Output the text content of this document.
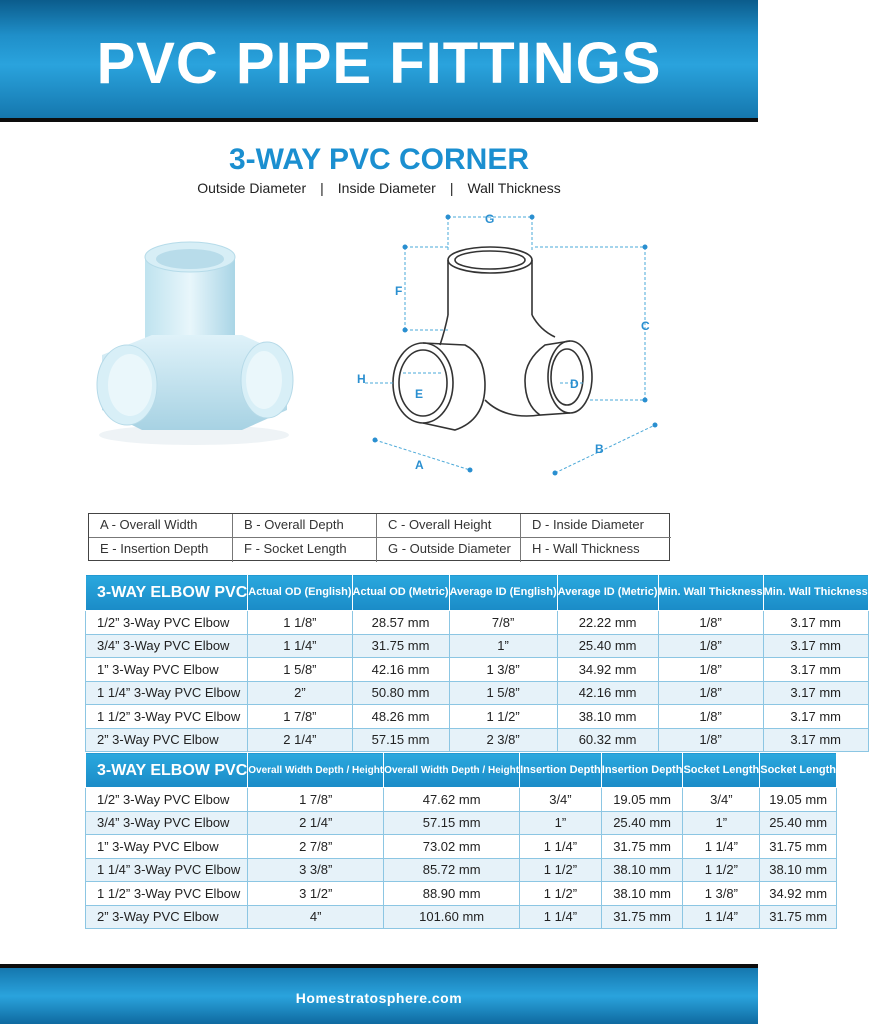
PVC PIPE FITTINGS
3-WAY PVC CORNER
Outside Diameter | Inside Diameter | Wall Thickness
G
F
C
H
E
D
B
A
A - Overall Width	B - Overall Depth	C - Overall Height	D - Inside Diameter
E - Insertion Depth	F - Socket Length	G - Outside Diameter	H - Wall Thickness
3-WAY ELBOW PVC	Actual OD (English)	Actual OD (Metric)	Average ID (English)	Average ID (Metric)	Min. Wall Thickness	Min. Wall Thickness
1/2” 3-Way PVC Elbow	1 1/8”	28.57 mm	7/8”	22.22 mm	1/8”	3.17 mm
3/4” 3-Way PVC Elbow	1 1/4”	31.75 mm	1”	25.40 mm	1/8”	3.17 mm
1” 3-Way PVC Elbow	1 5/8”	42.16 mm	1 3/8”	34.92 mm	1/8”	3.17 mm
1 1/4” 3-Way PVC Elbow	2”	50.80 mm	1 5/8”	42.16 mm	1/8”	3.17 mm
1 1/2” 3-Way PVC Elbow	1 7/8”	48.26 mm	1 1/2”	38.10 mm	1/8”	3.17 mm
2” 3-Way PVC Elbow	2 1/4”	57.15 mm	2 3/8”	60.32 mm	1/8”	3.17 mm
3-WAY ELBOW PVC	Overall Width Depth / Height	Overall Width Depth / Height	Insertion Depth	Insertion Depth	Socket Length	Socket Length
1/2” 3-Way PVC Elbow	1 7/8”	47.62 mm	3/4”	19.05 mm	3/4”	19.05 mm
3/4” 3-Way PVC Elbow	2 1/4”	57.15 mm	1”	25.40 mm	1”	25.40 mm
1” 3-Way PVC Elbow	2 7/8”	73.02 mm	1 1/4”	31.75 mm	1 1/4”	31.75 mm
1 1/4” 3-Way PVC Elbow	3 3/8”	85.72 mm	1 1/2”	38.10 mm	1 1/2”	38.10 mm
1 1/2” 3-Way PVC Elbow	3 1/2”	88.90 mm	1 1/2”	38.10 mm	1 3/8”	34.92 mm
2” 3-Way PVC Elbow	4”	101.60 mm	1 1/4”	31.75 mm	1 1/4”	31.75 mm
Homestratosphere.com
